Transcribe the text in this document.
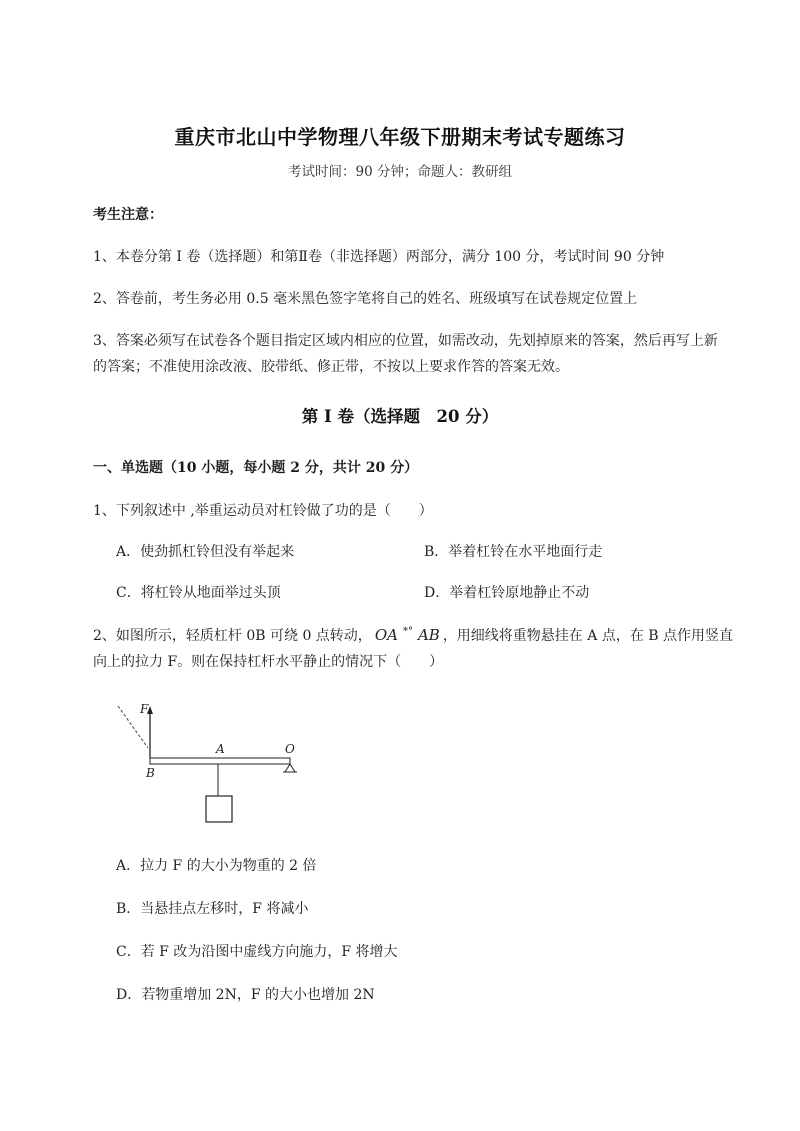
重庆市北山中学物理八年级下册期末考试专题练习
考试时间：90 分钟；命题人：教研组
考生注意：
1、本卷分第 I 卷（选择题）和第Ⅱ卷（非选择题）两部分，满分 100 分，考试时间 90 分钟
2、答卷前，考生务必用 0.5 毫米黑色签字笔将自己的姓名、班级填写在试卷规定位置上
3、答案必须写在试卷各个题目指定区域内相应的位置，如需改动，先划掉原来的答案，然后再写上新
的答案；不准使用涂改液、胶带纸、修正带，不按以上要求作答的答案无效。
第 I 卷（选择题　20 分）
一、单选题（10 小题，每小题 2 分，共计 20 分）
1、下列叙述中 ,举重运动员对杠铃做了功的是（　　）
A．使劲抓杠铃但没有举起来	B．举着杠铃在水平地面行走
C．将杠铃从地面举过头顶	D．举着杠铃原地静止不动
2、如图所示，轻质杠杆 0B 可绕 0 点转动， OA *° AB ，用细线将重物悬挂在 A 点，在 B 点作用竖直
向上的拉力 F。则在保持杠杆水平静止的情况下（　　）
F
A	O
B
A．拉力 F 的大小为物重的 2 倍
B．当悬挂点左移时，F 将减小
C．若 F 改为沿图中虚线方向施力，F 将增大
D．若物重增加 2N，F 的大小也增加 2N
